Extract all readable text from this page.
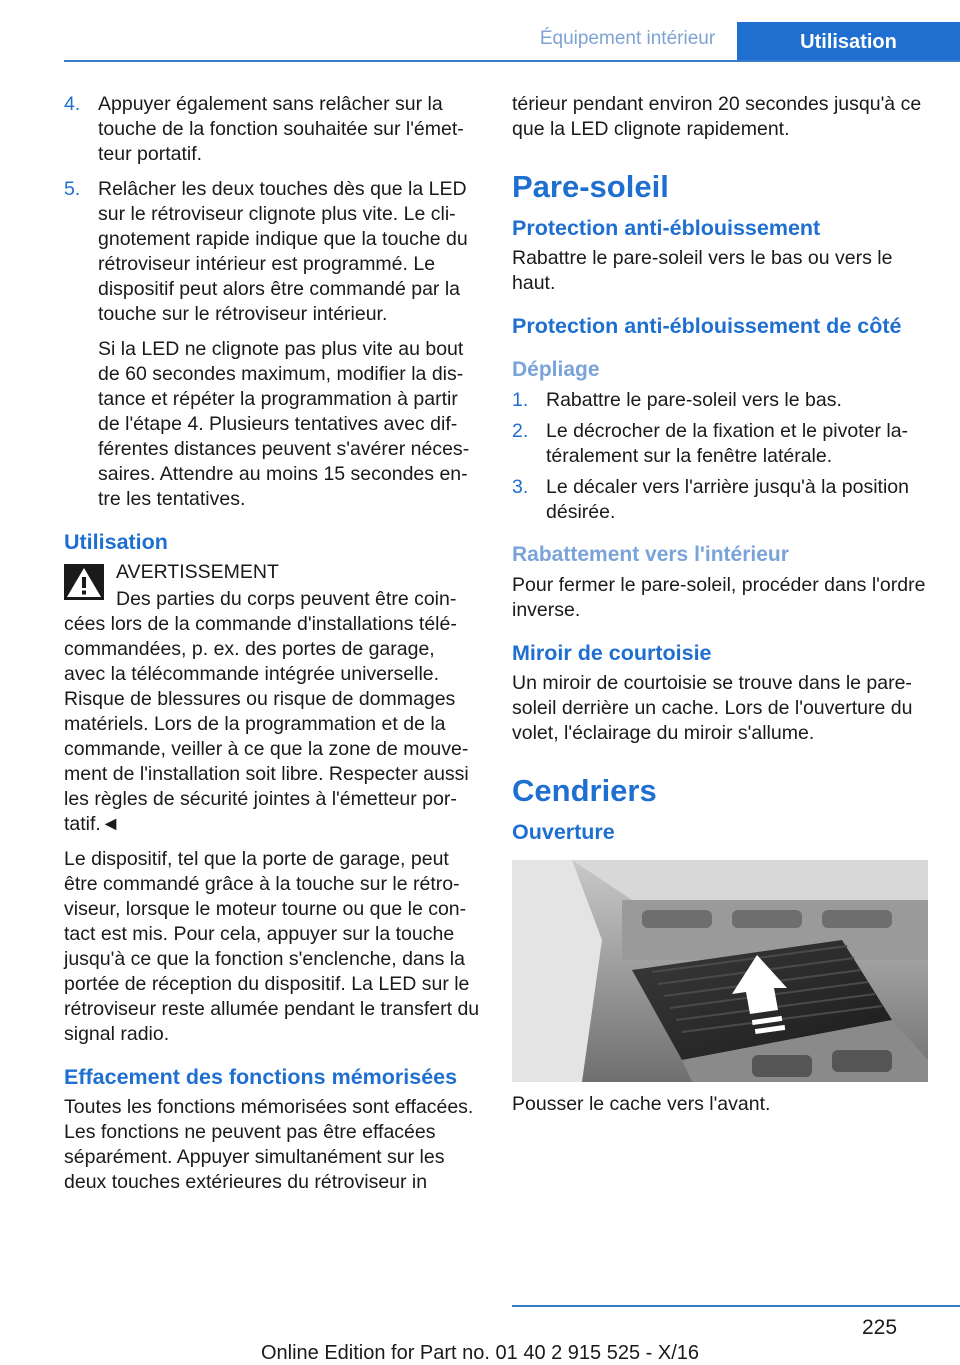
Équipement intérieur	Utilisation
4. Appuyer également sans relâcher sur la touche de la fonction souhaitée sur l'émetteur portatif.

5. Relâcher les deux touches dès que la LED sur le rétroviseur clignote plus vite. Le clignotement rapide indique que la touche du rétroviseur intérieur est programmé. Le dispositif peut alors être commandé par la touche sur le rétroviseur intérieur.

Si la LED ne clignote pas plus vite au bout de 60 secondes maximum, modifier la distance et répéter la programmation à partir de l'étape 4. Plusieurs tentatives avec différentes distances peuvent s'avérer nécessaires. Attendre au moins 15 secondes entre les tentatives.

Utilisation

AVERTISSEMENT

Des parties du corps peuvent être coincées lors de la commande d'installations télécommandées, p. ex. des portes de garage, avec la télécommande intégrée universelle. Risque de blessures ou risque de dommages matériels. Lors de la programmation et de la commande, veiller à ce que la zone de mouvement de l'installation soit libre. Respecter aussi les règles de sécurité jointes à l'émetteur portatif.◄

Le dispositif, tel que la porte de garage, peut être commandé grâce à la touche sur le rétroviseur, lorsque le moteur tourne ou que le contact est mis. Pour cela, appuyer sur la touche jusqu'à ce que la fonction s'enclenche, dans la portée de réception du dispositif. La LED sur le rétroviseur reste allumée pendant le transfert du signal radio.

Effacement des fonctions mémorisées

Toutes les fonctions mémorisées sont effacées. Les fonctions ne peuvent pas être effacées séparément. Appuyer simultanément sur les deux touches extérieures du rétroviseur in

térieur pendant environ 20 secondes jusqu'à ce que la LED clignote rapidement.

Pare-soleil
Protection anti-éblouissement

Rabattre le pare-soleil vers le bas ou vers le haut.

Protection anti-éblouissement de côté
Dépliage
1. Rabattre le pare-soleil vers le bas.

2. Le décrocher de la fixation et le pivoter latéralement sur la fenêtre latérale.

3. Le décaler vers l'arrière jusqu'à la position désirée.

Rabattement vers l'intérieur

Pour fermer le pare-soleil, procéder dans l'ordre inverse.

Miroir de courtoisie

Un miroir de courtoisie se trouve dans le pare-soleil derrière un cache. Lors de l'ouverture du volet, l'éclairage du miroir s'allume.

Cendriers
Ouverture

Pousser le cache vers l'avant.

225
Online Edition for Part no. 01 40 2 915 525 - X/16
